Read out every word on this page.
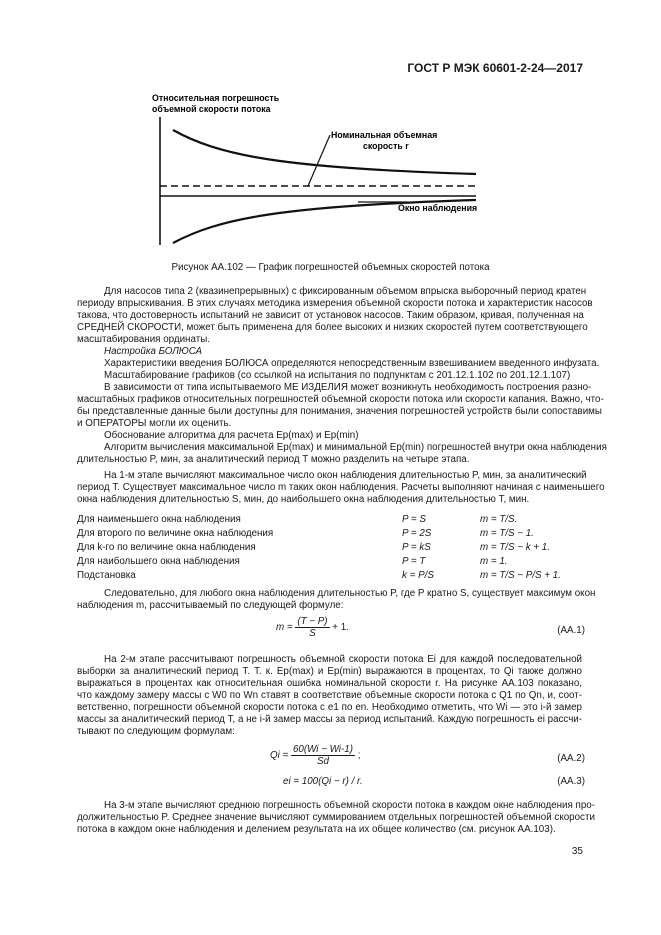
ГОСТ Р МЭК 60601-2-24—2017
Относительная погрешность
объемной скорости потока
Номинальная объемная
скорость r
Окно наблюдения
Рисунок АА.102 — График погрешностей объемных скоростей потока
Для насосов типа 2 (квазинепрерывных) с фиксированным объемом впрыска выборочный период кратен
периоду впрыскивания. В этих случаях методика измерения объемной скорости потока и характеристик насосов
такова, что достоверность испытаний не зависит от установок насосов. Таким образом, кривая, полученная на
СРЕДНЕЙ СКОРОСТИ, может быть применена для более высоких и низких скоростей путем соответствующего
масштабирования ординаты.
Настройка БОЛЮСА
Характеристики введения БОЛЮСА определяются непосредственным взвешиванием введенного инфузата.
Масштабирование графиков (со ссылкой на испытания по подпунктам с 201.12.1.102 по 201.12.1.107)
В зависимости от типа испытываемого МЕ ИЗДЕЛИЯ может возникнуть необходимость построения разно-
масштабных графиков относительных погрешностей объемной скорости потока или скорости капания. Важно, что-
бы представленные данные были доступны для понимания, значения погрешностей устройств были сопоставимы
и ОПЕРАТОРЫ могли их оценить.
Обоснование алгоритма для расчета Ep(max) и Ep(min)
Алгоритм вычисления максимальной Ep(max) и минимальной Ep(min) погрешностей внутри окна наблюдения
длительностью P, мин, за аналитический период T можно разделить на четыре этапа.
На 1-м этапе вычисляют максимальное число окон наблюдения длительностью P, мин, за аналитический
период T. Существует максимальное число m таких окон наблюдения. Расчеты выполняют начиная с наименьшего
окна наблюдения длительностью S, мин, до наибольшего окна наблюдения длительностью T, мин.
Для наименьшего окна наблюдения	P = S	m = T/S.
Для второго по величине окна наблюдения	P = 2S	m = T/S − 1.
Для k-го по величине окна наблюдения	P = kS	m = T/S − k + 1.
Для наибольшего окна наблюдения	P = T	m = 1.
Подстановка	k = P/S	m = T/S − P/S + 1.
Следовательно, для любого окна наблюдения длительностью P, где P кратно S, существует максимум окон
наблюдения m, рассчитываемый по следующей формуле:
$m = \frac{(T - P)}{S} + 1$.	(АА.1)
На 2-м этапе рассчитывают погрешность объемной скорости потока Ei для каждой последовательной
выборки за аналитический период T. Т. к. Ep(max) и Ep(min) выражаются в процентах, то Qi также должно
выражаться в процентах как относительная ошибка номинальной скорости r. На рисунке АА.103 показано,
что каждому замеру массы с W0 по Wn ставят в соответствие объемные скорости потока с Q1 по Qn, и, соот-
ветственно, погрешности объемной скорости потока с e1 по en. Необходимо отметить, что Wi — это i-й замер
массы за аналитический период T, а не i-й замер массы за период испытаний. Каждую погрешность ei рассчи-
тывают по следующим формулам:
$Qi = \frac{60(Wi - Wi-1)}{Sd}$ ;	(АА.2)
ei = 100(Qi − r) / r.	(АА.3)
На 3-м этапе вычисляют среднюю погрешность объемной скорости потока в каждом окне наблюдения про-
должительностью P. Среднее значение вычисляют суммированием отдельных погрешностей объемной скорости
потока в каждом окне наблюдения и делением результата на их общее количество (см. рисунок АА.103).
35
